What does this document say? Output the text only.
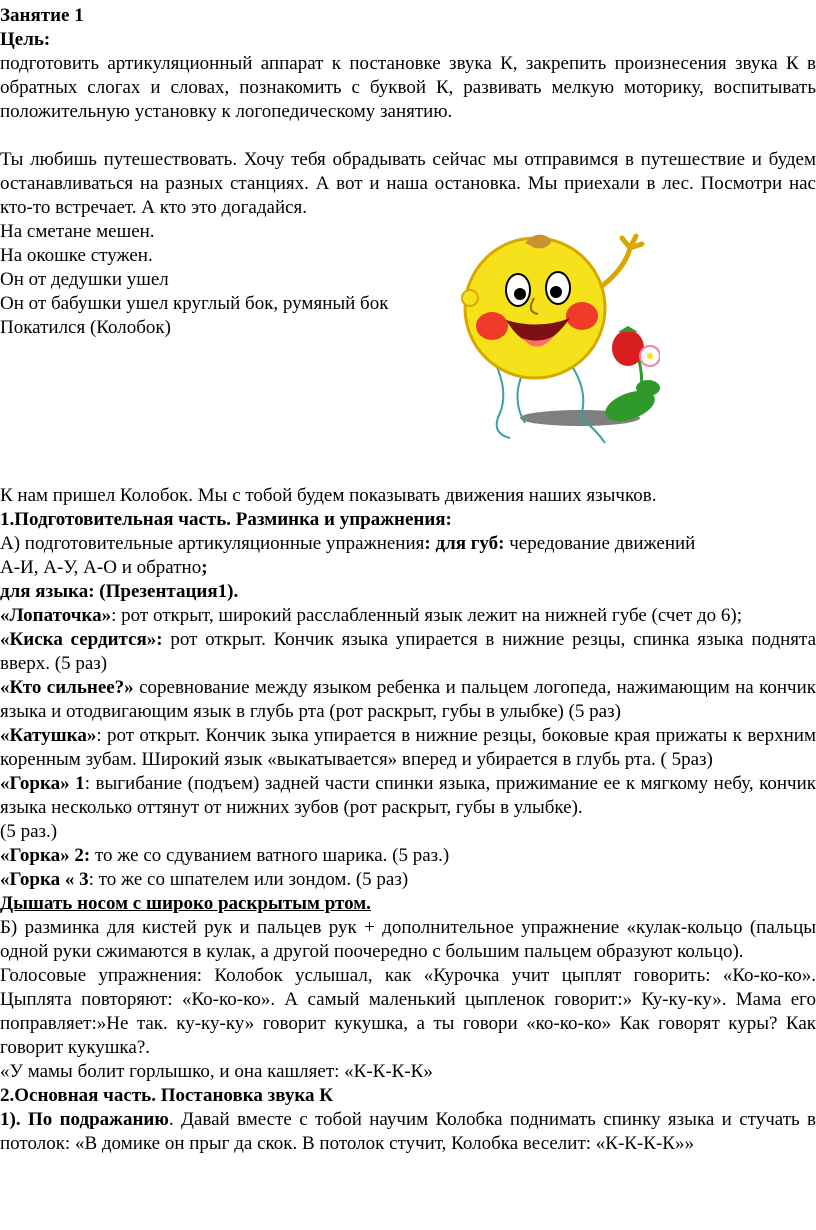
Занятие 1

Цель:

подготовить артикуляционный аппарат к постановке звука К, закрепить произнесения звука К в обратных слогах и словах, познакомить с буквой К, развивать мелкую моторику, воспитывать положительную установку к логопедическому занятию.

Ты любишь путешествовать. Хочу тебя обрадывать сейчас мы отправимся в путешествие и будем останавливаться на разных станциях. А вот и наша остановка. Мы приехали в лес. Посмотри нас кто-то встречает. А кто это догадайся.

На сметане мешен.

На окошке стужен.

Он от дедушки ушел

Он от бабушки ушел круглый бок, румяный бок

Покатился (Колобок)

К нам пришел Колобок. Мы с тобой будем показывать движения наших язычков.

1.Подготовительная часть. Разминка и упражнения:

А) подготовительные артикуляционные упражнения: для губ: чередование движений

А-И, А-У, А-О и обратно;

для языка: (Презентация1).

«Лопаточка»: рот открыт, широкий расслабленный язык лежит на нижней губе (счет до 6);

«Киска сердится»: рот открыт. Кончик языка упирается в нижние резцы, спинка языка поднята вверх. (5 раз)

«Кто сильнее?» соревнование между языком ребенка и пальцем логопеда, нажимающим на кончик языка и отодвигающим язык в глубь рта (рот раскрыт, губы в улыбке) (5 раз)

«Катушка»: рот открыт. Кончик зыка упирается в нижние резцы, боковые края прижаты к верхним коренным зубам. Широкий язык «выкатывается» вперед и убирается в глубь рта. ( 5раз)

«Горка» 1: выгибание (подъем) задней части спинки языка, прижимание ее к мягкому небу, кончик языка несколько оттянут от нижних зубов (рот раскрыт, губы в улыбке).

(5 раз.)

«Горка» 2: то же со сдуванием ватного шарика. (5 раз.)

«Горка « 3: то же со шпателем или зондом. (5 раз)

Дышать носом с широко раскрытым ртом.

Б) разминка для кистей рук и пальцев рук + дополнительное упражнение «кулак-кольцо (пальцы одной руки сжимаются в кулак, а другой поочередно с большим пальцем образуют кольцо).

Голосовые упражнения: Колобок услышал, как «Курочка учит цыплят говорить: «Ко-ко-ко». Цыплята повторяют: «Ко-ко-ко». А самый маленький цыпленок говорит:» Ку-ку-ку». Мама его поправляет:»Не так. ку-ку-ку» говорит кукушка, а ты говори «ко-ко-ко» Как говорят куры? Как говорит кукушка?.

«У мамы болит горлышко, и она кашляет: «К-К-К-К»

2.Основная часть. Постановка звука К

1). По подражанию. Давай вместе с тобой научим Колобка поднимать спинку языка и стучать в потолок: «В домике он прыг да скок. В потолок стучит, Колобка веселит: «К-К-К-К»»
